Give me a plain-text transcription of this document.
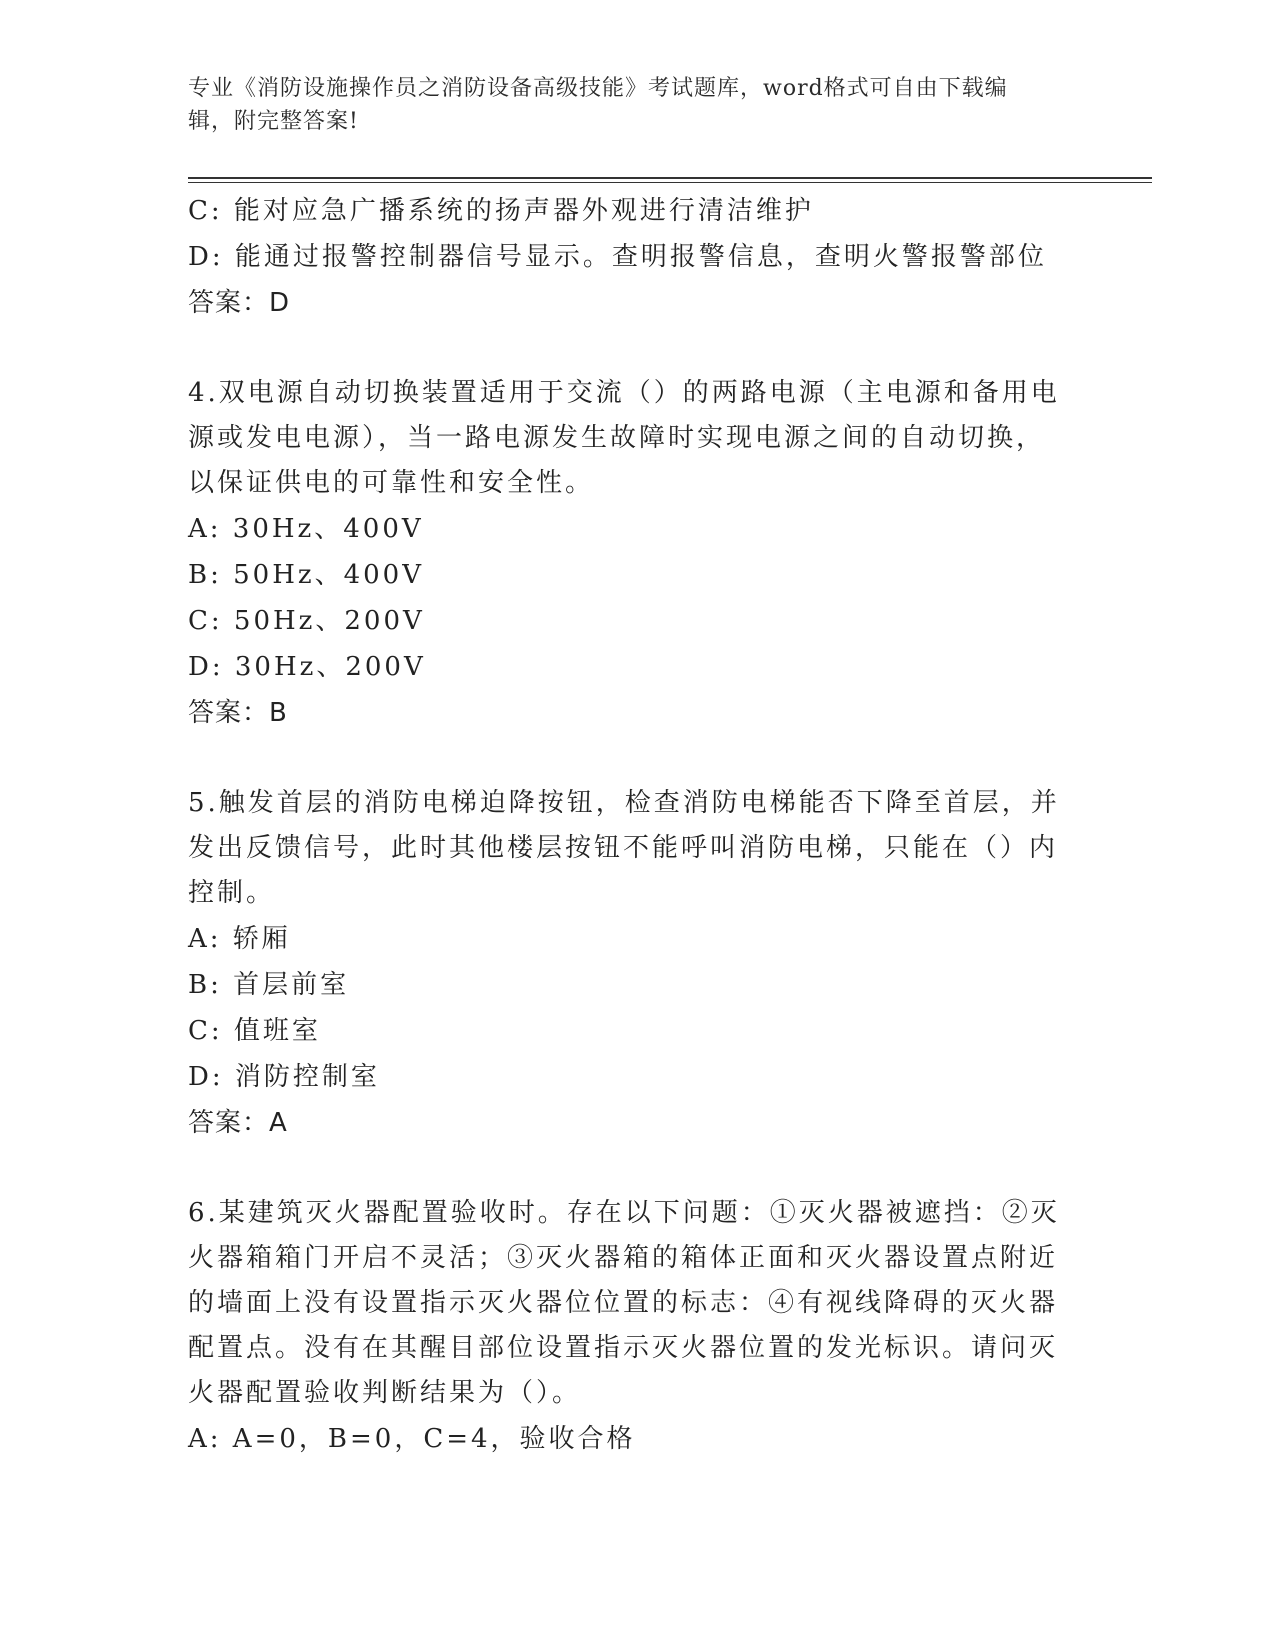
专业《消防设施操作员之消防设备高级技能》考试题库，word格式可自由下载编
辑，附完整答案!
C: 能对应急广播系统的扬声器外观进行清洁维护
D: 能通过报警控制器信号显示。查明报警信息，查明火警报警部位
答案：D
4.双电源自动切换装置适用于交流（）的两路电源（主电源和备用电
源或发电电源），当一路电源发生故障时实现电源之间的自动切换，
以保证供电的可靠性和安全性。
A: 30Hz、400V
B: 50Hz、400V
C: 50Hz、200V
D: 30Hz、200V
答案：B
5.触发首层的消防电梯迫降按钮，检查消防电梯能否下降至首层，并
发出反馈信号，此时其他楼层按钮不能呼叫消防电梯，只能在（）内
控制。
A: 轿厢
B: 首层前室
C: 值班室
D: 消防控制室
答案：A
6.某建筑灭火器配置验收时。存在以下问题：①灭火器被遮挡：②灭
火器箱箱门开启不灵活；③灭火器箱的箱体正面和灭火器设置点附近
的墙面上没有设置指示灭火器位位置的标志：④有视线降碍的灭火器
配置点。没有在其醒目部位设置指示灭火器位置的发光标识。请问灭
火器配置验收判断结果为（）。
A: A=0，B=0，C=4，验收合格
